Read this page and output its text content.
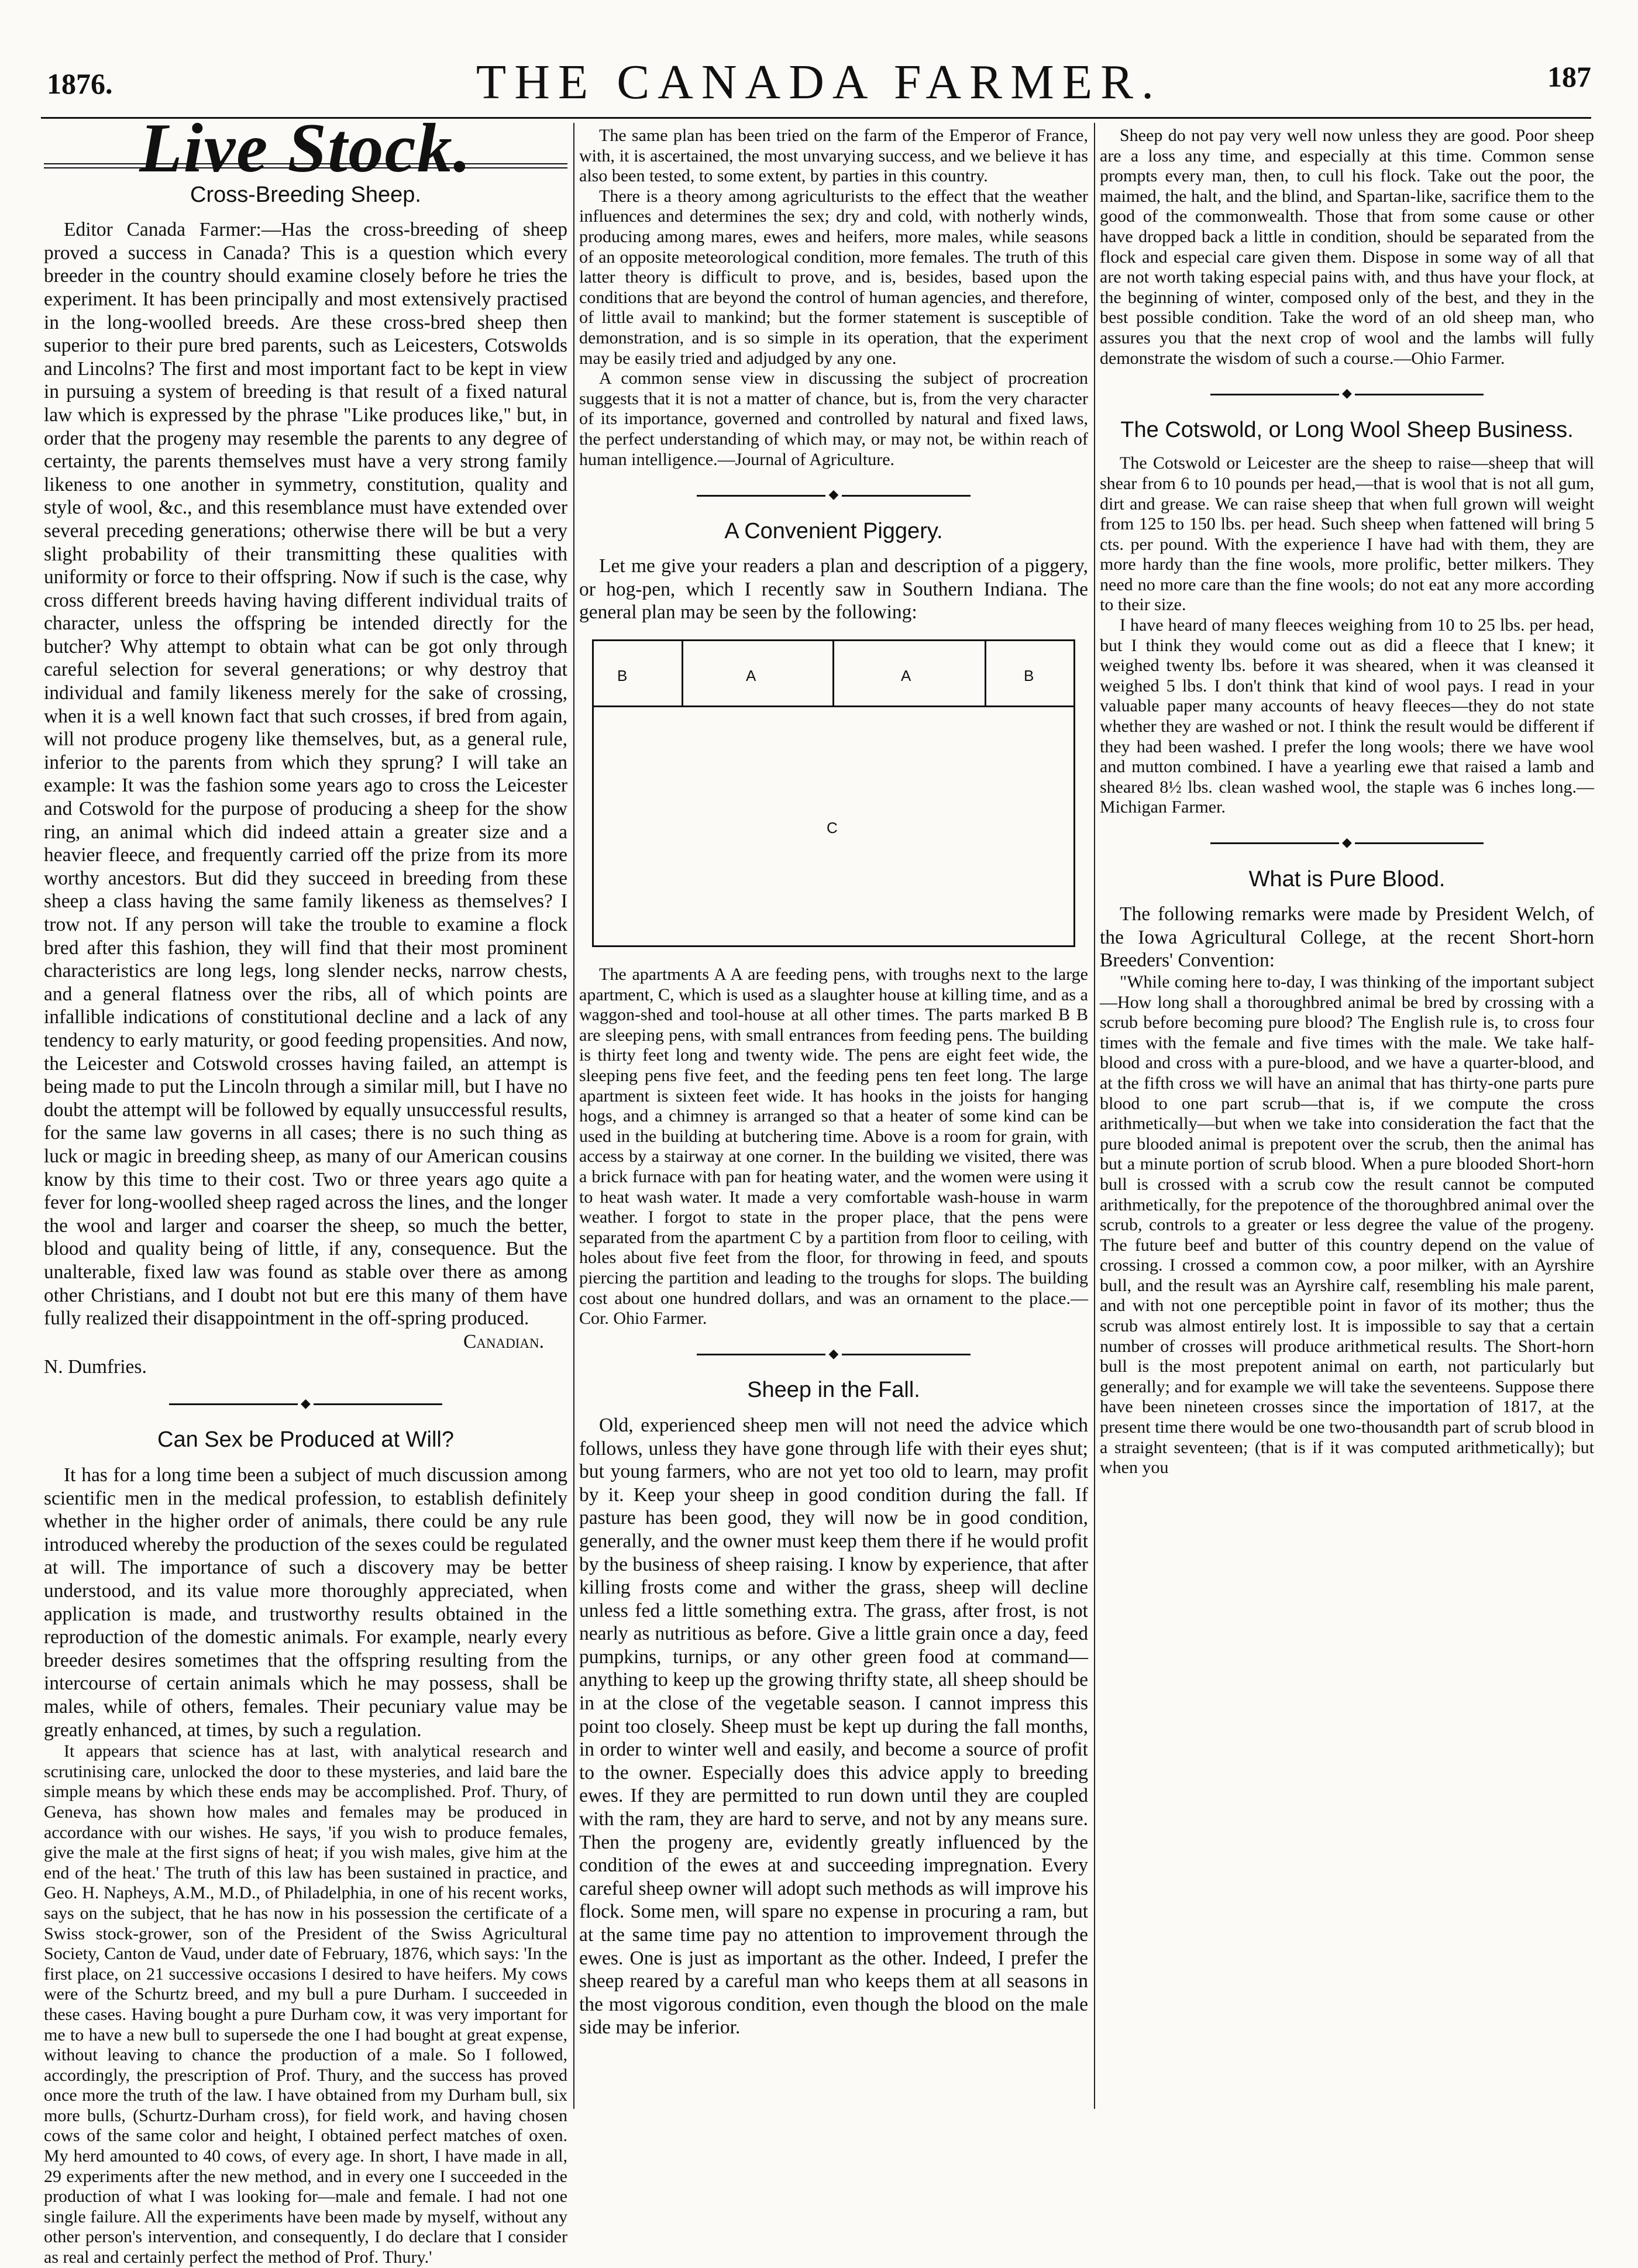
1876.	THE CANADA FARMER.	187
Live Stock.
Cross-Breeding Sheep.

Editor Canada Farmer:—Has the cross-breeding of sheep proved a success in Canada? This is a question which every breeder in the country should examine closely before he tries the experiment. It has been principally and most extensively practised in the long-woolled breeds. Are these cross-bred sheep then superior to their pure bred parents, such as Leicesters, Cotswolds and Lincolns? The first and most important fact to be kept in view in pursuing a system of breeding is that result of a fixed natural law which is expressed by the phrase "Like produces like," but, in order that the progeny may resemble the parents to any degree of certainty, the parents themselves must have a very strong family likeness to one another in symmetry, constitution, quality and style of wool, &c., and this resemblance must have extended over several preceding generations; otherwise there will be but a very slight probability of their transmitting these qualities with uniformity or force to their offspring. Now if such is the case, why cross different breeds having having different individual traits of character, unless the offspring be intended directly for the butcher? Why attempt to obtain what can be got only through careful selection for several generations; or why destroy that individual and family likeness merely for the sake of crossing, when it is a well known fact that such crosses, if bred from again, will not produce progeny like themselves, but, as a general rule, inferior to the parents from which they sprung? I will take an example: It was the fashion some years ago to cross the Leicester and Cotswold for the purpose of producing a sheep for the show ring, an animal which did indeed attain a greater size and a heavier fleece, and frequently carried off the prize from its more worthy ancestors. But did they succeed in breeding from these sheep a class having the same family likeness as themselves? I trow not. If any person will take the trouble to examine a flock bred after this fashion, they will find that their most prominent characteristics are long legs, long slender necks, narrow chests, and a general flatness over the ribs, all of which points are infallible indications of constitutional decline and a lack of any tendency to early maturity, or good feeding propensities. And now, the Leicester and Cotswold crosses having failed, an attempt is being made to put the Lincoln through a similar mill, but I have no doubt the attempt will be followed by equally unsuccessful results, for the same law governs in all cases; there is no such thing as luck or magic in breeding sheep, as many of our American cousins know by this time to their cost. Two or three years ago quite a fever for long-woolled sheep raged across the lines, and the longer the wool and larger and coarser the sheep, so much the better, blood and quality being of little, if any, consequence. But the unalterable, fixed law was found as stable over there as among other Christians, and I doubt not but ere this many of them have fully realized their disappointment in the off-spring produced.

Canadian.
N. Dumfries.
◆
Can Sex be Produced at Will?

It has for a long time been a subject of much discussion among scientific men in the medical profession, to establish definitely whether in the higher order of animals, there could be any rule introduced whereby the production of the sexes could be regulated at will. The importance of such a discovery may be better understood, and its value more thoroughly appreciated, when application is made, and trustworthy results obtained in the reproduction of the domestic animals. For example, nearly every breeder desires sometimes that the offspring resulting from the intercourse of certain animals which he may possess, shall be males, while of others, females. Their pecuniary value may be greatly enhanced, at times, by such a regulation.

It appears that science has at last, with analytical research and scrutinising care, unlocked the door to these mysteries, and laid bare the simple means by which these ends may be accomplished. Prof. Thury, of Geneva, has shown how males and females may be produced in accordance with our wishes. He says, 'if you wish to produce females, give the male at the first signs of heat; if you wish males, give him at the end of the heat.' The truth of this law has been sustained in practice, and Geo. H. Napheys, A.M., M.D., of Philadelphia, in one of his recent works, says on the subject, that he has now in his possession the certificate of a Swiss stock-grower, son of the President of the Swiss Agricultural Society, Canton de Vaud, under date of February, 1876, which says: 'In the first place, on 21 successive occasions I desired to have heifers. My cows were of the Schurtz breed, and my bull a pure Durham. I succeeded in these cases. Having bought a pure Durham cow, it was very important for me to have a new bull to supersede the one I had bought at great expense, without leaving to chance the production of a male. So I followed, accordingly, the prescription of Prof. Thury, and the success has proved once more the truth of the law. I have obtained from my Durham bull, six more bulls, (Schurtz-Durham cross), for field work, and having chosen cows of the same color and height, I obtained perfect matches of oxen. My herd amounted to 40 cows, of every age. In short, I have made in all, 29 experiments after the new method, and in every one I succeeded in the production of what I was looking for—male and female. I had not one single failure. All the experiments have been made by myself, without any other person's intervention, and consequently, I do declare that I consider as real and certainly perfect the method of Prof. Thury.'

The same plan has been tried on the farm of the Emperor of France, with, it is ascertained, the most unvarying success, and we believe it has also been tested, to some extent, by parties in this country.

There is a theory among agriculturists to the effect that the weather influences and determines the sex; dry and cold, with notherly winds, producing among mares, ewes and heifers, more males, while seasons of an opposite meteorological condition, more females. The truth of this latter theory is difficult to prove, and is, besides, based upon the conditions that are beyond the control of human agencies, and therefore, of little avail to mankind; but the former statement is susceptible of demonstration, and is so simple in its operation, that the experiment may be easily tried and adjudged by any one.

A common sense view in discussing the subject of procreation suggests that it is not a matter of chance, but is, from the very character of its importance, governed and controlled by natural and fixed laws, the perfect understanding of which may, or may not, be within reach of human intelligence.—Journal of Agriculture.

◆
A Convenient Piggery.

Let me give your readers a plan and description of a piggery, or hog-pen, which I recently saw in Southern Indiana. The general plan may be seen by the following:

B	A	A	B
C

The apartments A A are feeding pens, with troughs next to the large apartment, C, which is used as a slaughter house at killing time, and as a waggon-shed and tool-house at all other times. The parts marked B B are sleeping pens, with small entrances from feeding pens. The building is thirty feet long and twenty wide. The pens are eight feet wide, the sleeping pens five feet, and the feeding pens ten feet long. The large apartment is sixteen feet wide. It has hooks in the joists for hanging hogs, and a chimney is arranged so that a heater of some kind can be used in the building at butchering time. Above is a room for grain, with access by a stairway at one corner. In the building we visited, there was a brick furnace with pan for heating water, and the women were using it to heat wash water. It made a very comfortable wash-house in warm weather. I forgot to state in the proper place, that the pens were separated from the apartment C by a partition from floor to ceiling, with holes about five feet from the floor, for throwing in feed, and spouts piercing the partition and leading to the troughs for slops. The building cost about one hundred dollars, and was an ornament to the place.—Cor. Ohio Farmer.

◆
Sheep in the Fall.

Old, experienced sheep men will not need the advice which follows, unless they have gone through life with their eyes shut; but young farmers, who are not yet too old to learn, may profit by it. Keep your sheep in good condition during the fall. If pasture has been good, they will now be in good condition, generally, and the owner must keep them there if he would profit by the business of sheep raising. I know by experience, that after killing frosts come and wither the grass, sheep will decline unless fed a little something extra. The grass, after frost, is not nearly as nutritious as before. Give a little grain once a day, feed pumpkins, turnips, or any other green food at command—anything to keep up the growing thrifty state, all sheep should be in at the close of the vegetable season. I cannot impress this point too closely. Sheep must be kept up during the fall months, in order to winter well and easily, and become a source of profit to the owner. Especially does this advice apply to breeding ewes. If they are permitted to run down until they are coupled with the ram, they are hard to serve, and not by any means sure. Then the progeny are, evidently greatly influenced by the condition of the ewes at and succeeding impregnation. Every careful sheep owner will adopt such methods as will improve his flock. Some men, will spare no expense in procuring a ram, but at the same time pay no attention to improvement through the ewes. One is just as important as the other. Indeed, I prefer the sheep reared by a careful man who keeps them at all seasons in the most vigorous condition, even though the blood on the male side may be inferior.

Sheep do not pay very well now unless they are good. Poor sheep are a loss any time, and especially at this time. Common sense prompts every man, then, to cull his flock. Take out the poor, the maimed, the halt, and the blind, and Spartan-like, sacrifice them to the good of the commonwealth. Those that from some cause or other have dropped back a little in condition, should be separated from the flock and especial care given them. Dispose in some way of all that are not worth taking especial pains with, and thus have your flock, at the beginning of winter, composed only of the best, and they in the best possible condition. Take the word of an old sheep man, who assures you that the next crop of wool and the lambs will fully demonstrate the wisdom of such a course.—Ohio Farmer.

◆
The Cotswold, or Long Wool Sheep Business.

The Cotswold or Leicester are the sheep to raise—sheep that will shear from 6 to 10 pounds per head,—that is wool that is not all gum, dirt and grease. We can raise sheep that when full grown will weight from 125 to 150 lbs. per head. Such sheep when fattened will bring 5 cts. per pound. With the experience I have had with them, they are more hardy than the fine wools, more prolific, better milkers. They need no more care than the fine wools; do not eat any more according to their size.

I have heard of many fleeces weighing from 10 to 25 lbs. per head, but I think they would come out as did a fleece that I knew; it weighed twenty lbs. before it was sheared, when it was cleansed it weighed 5 lbs. I don't think that kind of wool pays. I read in your valuable paper many accounts of heavy fleeces—they do not state whether they are washed or not. I think the result would be different if they had been washed. I prefer the long wools; there we have wool and mutton combined. I have a yearling ewe that raised a lamb and sheared 8½ lbs. clean washed wool, the staple was 6 inches long.—Michigan Farmer.

◆
What is Pure Blood.

The following remarks were made by President Welch, of the Iowa Agricultural College, at the recent Short-horn Breeders' Convention:

"While coming here to-day, I was thinking of the important subject—How long shall a thoroughbred animal be bred by crossing with a scrub before becoming pure blood? The English rule is, to cross four times with the female and five times with the male. We take half-blood and cross with a pure-blood, and we have a quarter-blood, and at the fifth cross we will have an animal that has thirty-one parts pure blood to one part scrub—that is, if we compute the cross arithmetically—but when we take into consideration the fact that the pure blooded animal is prepotent over the scrub, then the animal has but a minute portion of scrub blood. When a pure blooded Short-horn bull is crossed with a scrub cow the result cannot be computed arithmetically, for the prepotence of the thoroughbred animal over the scrub, controls to a greater or less degree the value of the progeny. The future beef and butter of this country depend on the value of crossing. I crossed a common cow, a poor milker, with an Ayrshire bull, and the result was an Ayrshire calf, resembling his male parent, and with not one perceptible point in favor of its mother; thus the scrub was almost entirely lost. It is impossible to say that a certain number of crosses will produce arithmetical results. The Short-horn bull is the most prepotent animal on earth, not particularly but generally; and for example we will take the seventeens. Suppose there have been nineteen crosses since the importation of 1817, at the present time there would be one two-thousandth part of scrub blood in a straight seventeen; (that is if it was computed arithmetically); but when you
